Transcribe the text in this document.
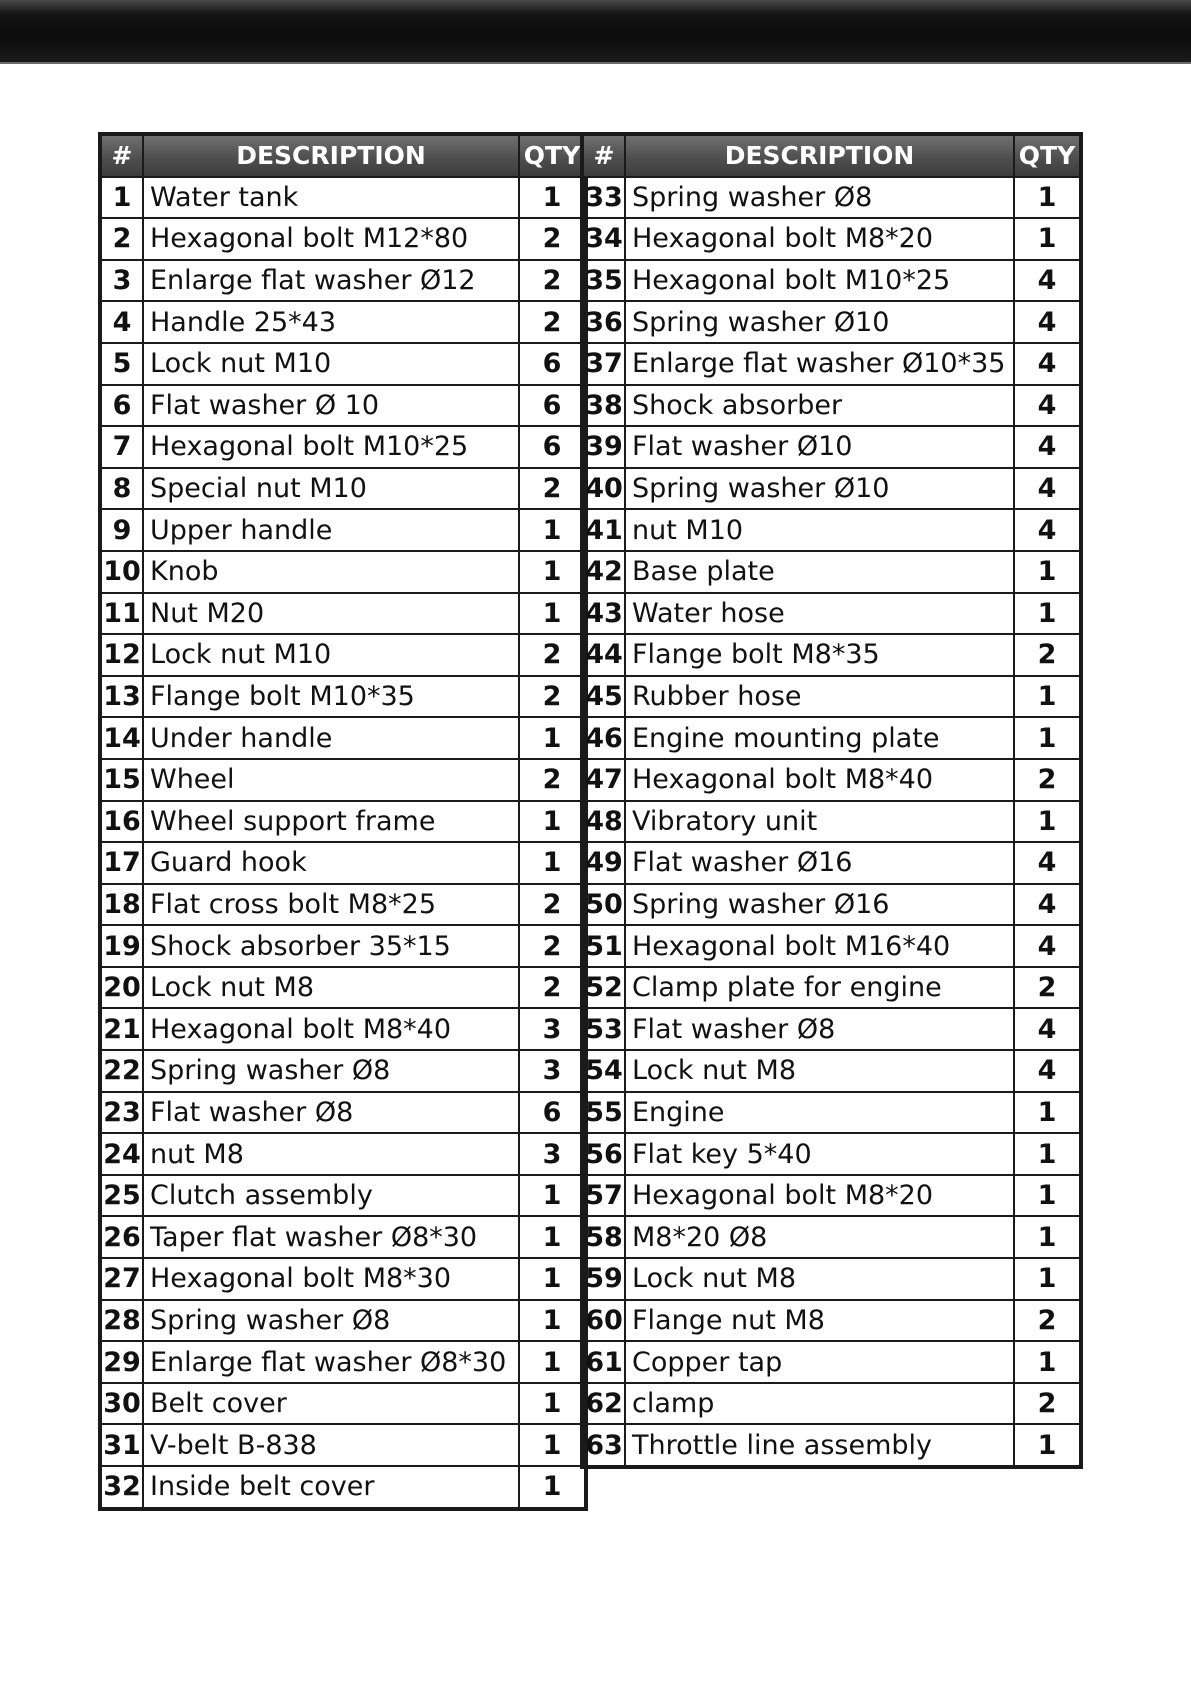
#	DESCRIPTION	QTY
1	Water tank	1
2	Hexagonal bolt M12*80	2
3	Enlarge flat washer Ø12	2
4	Handle 25*43	2
5	Lock nut M10	6
6	Flat washer Ø 10	6
7	Hexagonal bolt M10*25	6
8	Special nut M10	2
9	Upper handle	1
10	Knob	1
11	Nut M20	1
12	Lock nut M10	2
13	Flange bolt M10*35	2
14	Under handle	1
15	Wheel	2
16	Wheel support frame	1
17	Guard hook	1
18	Flat cross bolt M8*25	2
19	Shock absorber 35*15	2
20	Lock nut M8	2
21	Hexagonal bolt M8*40	3
22	Spring washer Ø8	3
23	Flat washer Ø8	6
24	nut M8	3
25	Clutch assembly	1
26	Taper flat washer Ø8*30	1
27	Hexagonal bolt M8*30	1
28	Spring washer Ø8	1
29	Enlarge flat washer Ø8*30	1
30	Belt cover	1
31	V-belt B-838	1
32	Inside belt cover	1
#	DESCRIPTION	QTY
33	Spring washer Ø8	1
34	Hexagonal bolt M8*20	1
35	Hexagonal bolt M10*25	4
36	Spring washer Ø10	4
37	Enlarge flat washer Ø10*35	4
38	Shock absorber	4
39	Flat washer Ø10	4
40	Spring washer Ø10	4
41	nut M10	4
42	Base plate	1
43	Water hose	1
44	Flange bolt M8*35	2
45	Rubber hose	1
46	Engine mounting plate	1
47	Hexagonal bolt M8*40	2
48	Vibratory unit	1
49	Flat washer Ø16	4
50	Spring washer Ø16	4
51	Hexagonal bolt M16*40	4
52	Clamp plate for engine	2
53	Flat washer Ø8	4
54	Lock nut M8	4
55	Engine	1
56	Flat key 5*40	1
57	Hexagonal bolt M8*20	1
58	M8*20 Ø8	1
59	Lock nut M8	1
60	Flange nut M8	2
61	Copper tap	1
62	clamp	2
63	Throttle line assembly	1
